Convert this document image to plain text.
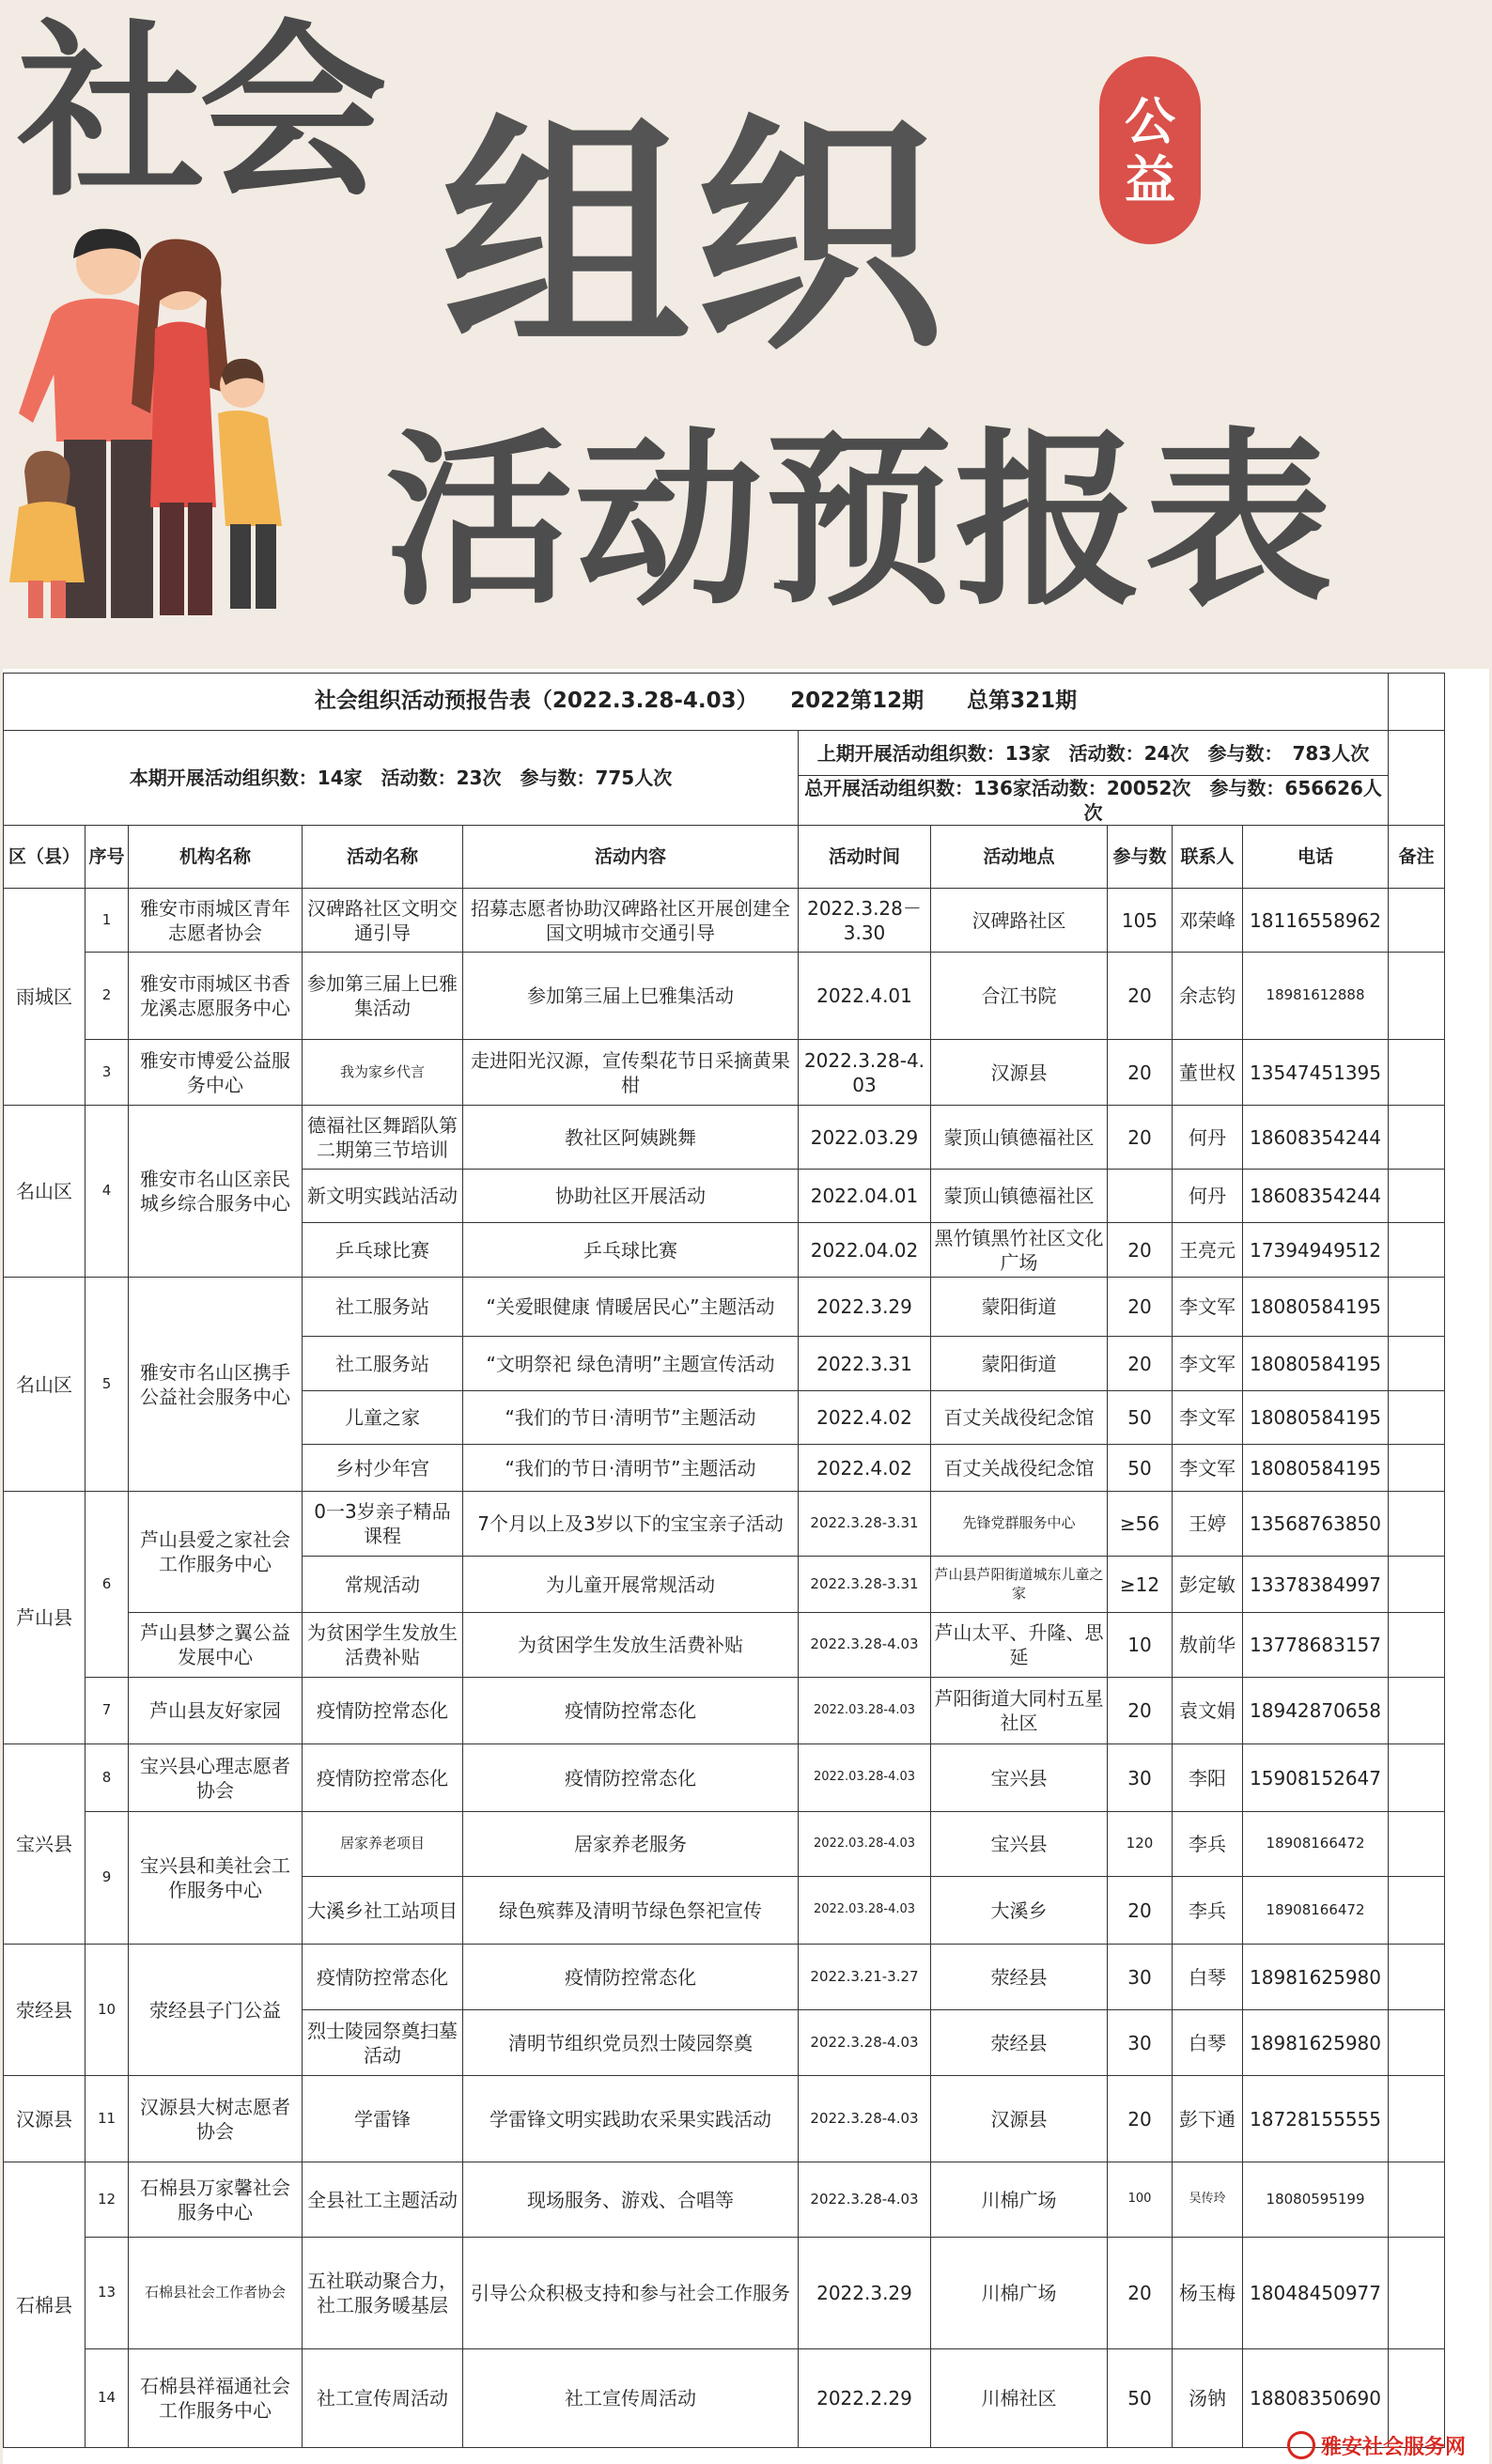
社会 组织
活动预报表
公
益
社会组织活动预报告表（2022.3.28-4.03）　　2022第12期　　总第321期										
本期开展活动组织数：14家　活动数：23次　参与数：775人次					上期开展活动组织数：13家　活动数：24次　参与数：　783人次					
					总开展活动组织数：136家活动数：20052次　参与数：656626人次					
区（县）	序号	机构名称	活动名称	活动内容	活动时间	活动地点	参与数	联系人	电话	备注
雨城区	1	雅安市雨城区青年志愿者协会	汉碑路社区文明交通引导	招募志愿者协助汉碑路社区开展创建全国文明城市交通引导	2022.3.28－3.30	汉碑路社区	105	邓荣峰	18116558962	
	2	雅安市雨城区书香龙溪志愿服务中心	参加第三届上巳雅集活动	参加第三届上巳雅集活动	2022.4.01	合江书院	20	余志钧	18981612888	
	3	雅安市博爱公益服务中心	我为家乡代言	走进阳光汉源，宣传梨花节日采摘黄果柑	2022.3.28-4.03	汉源县	20	董世权	13547451395	
名山区	4	雅安市名山区亲民城乡综合服务中心	德福社区舞蹈队第二期第三节培训	教社区阿姨跳舞	2022.03.29	蒙顶山镇德福社区	20	何丹	18608354244	
			新文明实践站活动	协助社区开展活动	2022.04.01	蒙顶山镇德福社区		何丹	18608354244	
			乒乓球比赛	乒乓球比赛	2022.04.02	黑竹镇黑竹社区文化广场	20	王亮元	17394949512	
名山区	5	雅安市名山区携手公益社会服务中心	社工服务站	“关爱眼健康 情暖居民心”主题活动	2022.3.29	蒙阳街道	20	李文军	18080584195	
			社工服务站	“文明祭祀 绿色清明”主题宣传活动	2022.3.31	蒙阳街道	20	李文军	18080584195	
			儿童之家	“我们的节日·清明节”主题活动	2022.4.02	百丈关战役纪念馆	50	李文军	18080584195	
			乡村少年宫	“我们的节日·清明节”主题活动	2022.4.02	百丈关战役纪念馆	50	李文军	18080584195	
芦山县	6	芦山县爱之家社会工作服务中心	0一3岁亲子精品课程	7个月以上及3岁以下的宝宝亲子活动	2022.3.28-3.31	先锋党群服务中心	≥56	王婷	13568763850	
			常规活动	为儿童开展常规活动	2022.3.28-3.31	芦山县芦阳街道城东儿童之家	≥12	彭定敏	13378384997	
		芦山县梦之翼公益发展中心	为贫困学生发放生活费补贴	为贫困学生发放生活费补贴	2022.3.28-4.03	芦山太平、升隆、思延	10	敖前华	13778683157	
	7	芦山县友好家园	疫情防控常态化	疫情防控常态化	2022.03.28-4.03	芦阳街道大同村五星社区	20	袁文娟	18942870658	
宝兴县	8	宝兴县心理志愿者协会	疫情防控常态化	疫情防控常态化	2022.03.28-4.03	宝兴县	30	李阳	15908152647	
	9	宝兴县和美社会工作服务中心	居家养老项目	居家养老服务	2022.03.28-4.03	宝兴县	120	李兵	18908166472	
			大溪乡社工站项目	绿色殡葬及清明节绿色祭祀宣传	2022.03.28-4.03	大溪乡	20	李兵	18908166472	
荥经县	10	荥经县子门公益	疫情防控常态化	疫情防控常态化	2022.3.21-3.27	荥经县	30	白琴	18981625980	
			烈士陵园祭奠扫墓活动	清明节组织党员烈士陵园祭奠	2022.3.28-4.03	荥经县	30	白琴	18981625980	
汉源县	11	汉源县大树志愿者协会	学雷锋	学雷锋文明实践助农采果实践活动	2022.3.28-4.03	汉源县	20	彭下通	18728155555	
石棉县	12	石棉县万家馨社会服务中心	全县社工主题活动	现场服务、游戏、合唱等	2022.3.28-4.03	川棉广场	100	吴传玲	18080595199	
	13	石棉县社会工作者协会	五社联动聚合力，社工服务暖基层	引导公众积极支持和参与社会工作服务	2022.3.29	川棉广场	20	杨玉梅	18048450977	
	14	石棉县祥福通社会工作服务中心	社工宣传周活动	社工宣传周活动	2022.2.29	川棉社区	50	汤钠	18808350690	
雅安社会服务网
